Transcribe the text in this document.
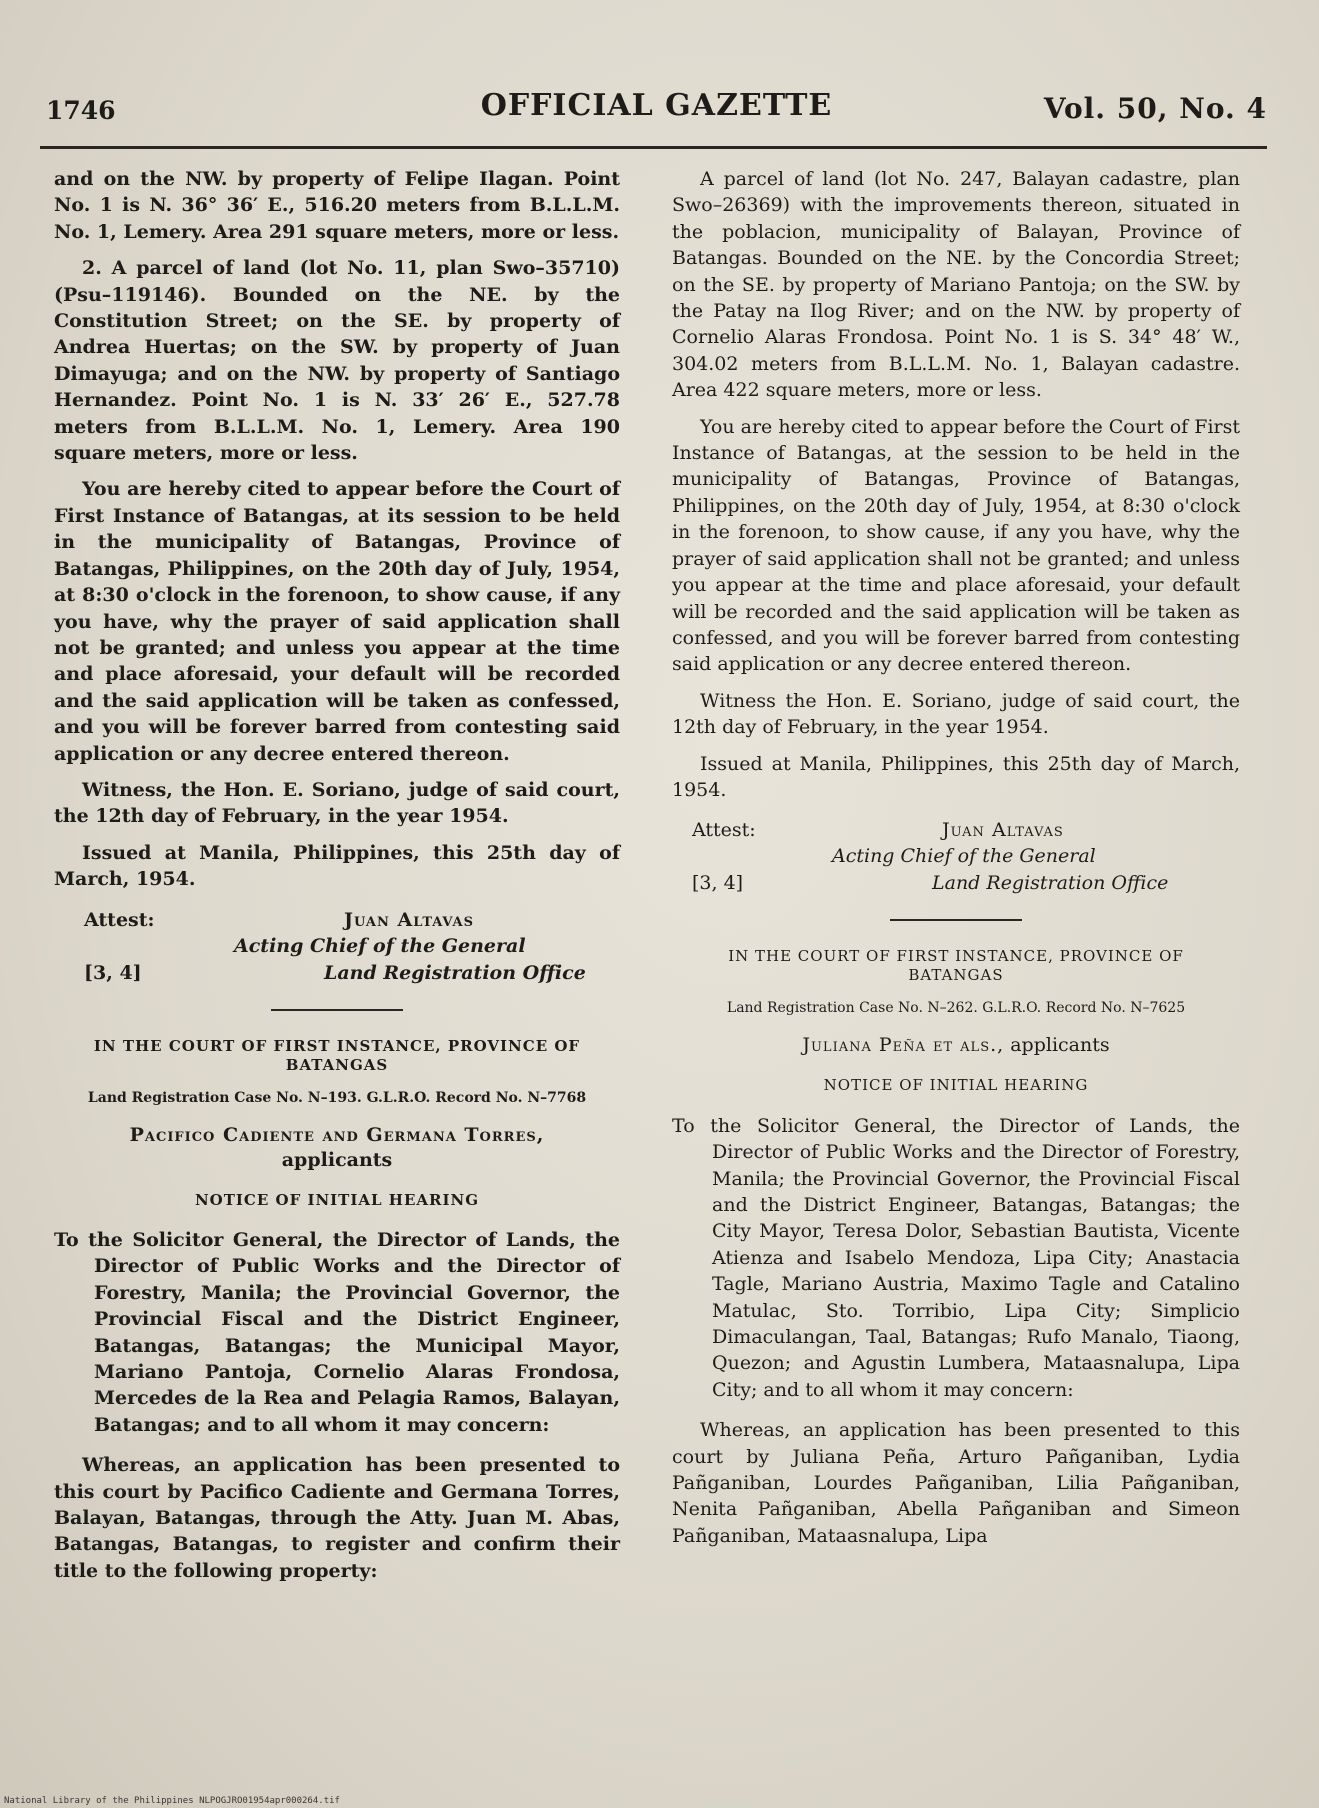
1746	OFFICIAL GAZETTE	Vol. 50, No. 4

and on the NW. by property of Felipe Ilagan. Point No. 1 is N. 36° 36′ E., 516.20 meters from B.L.L.M. No. 1, Lemery. Area 291 square meters, more or less.

2. A parcel of land (lot No. 11, plan Swo–35710) (Psu–119146). Bounded on the NE. by the Constitution Street; on the SE. by property of Andrea Huertas; on the SW. by property of Juan Dimayuga; and on the NW. by property of Santiago Hernandez. Point No. 1 is N. 33′ 26′ E., 527.78 meters from B.L.L.M. No. 1, Lemery. Area 190 square meters, more or less.

You are hereby cited to appear before the Court of First Instance of Batangas, at its session to be held in the municipality of Batangas, Province of Batangas, Philippines, on the 20th day of July, 1954, at 8:30 o'clock in the forenoon, to show cause, if any you have, why the prayer of said application shall not be granted; and unless you appear at the time and place aforesaid, your default will be recorded and the said application will be taken as confessed, and you will be forever barred from contesting said application or any decree entered thereon.

Witness, the Hon. E. Soriano, judge of said court, the 12th day of February, in the year 1954.

Issued at Manila, Philippines, this 25th day of March, 1954.

Attest:	Juan Altavas
Acting Chief of the General
[3, 4]	Land Registration Office
IN THE COURT OF FIRST INSTANCE, PROVINCE OF BATANGAS
Land Registration Case No. N–193. G.L.R.O. Record No. N–7768
Pacifico Cadiente and Germana Torres,
applicants
NOTICE OF INITIAL HEARING

To the Solicitor General, the Director of Lands, the Director of Public Works and the Director of Forestry, Manila; the Provincial Governor, the Provincial Fiscal and the District Engineer, Batangas, Batangas; the Municipal Mayor, Mariano Pantoja, Cornelio Alaras Frondosa, Mercedes de la Rea and Pelagia Ramos, Balayan, Batangas; and to all whom it may concern:

Whereas, an application has been presented to this court by Pacifico Cadiente and Germana Torres, Balayan, Batangas, through the Atty. Juan M. Abas, Batangas, Batangas, to register and confirm their title to the following property:

A parcel of land (lot No. 247, Balayan cadastre, plan Swo–26369) with the improvements thereon, situated in the poblacion, municipality of Balayan, Province of Batangas. Bounded on the NE. by the Concordia Street; on the SE. by property of Mariano Pantoja; on the SW. by the Patay na Ilog River; and on the NW. by property of Cornelio Alaras Frondosa. Point No. 1 is S. 34° 48′ W., 304.02 meters from B.L.L.M. No. 1, Balayan cadastre. Area 422 square meters, more or less.

You are hereby cited to appear before the Court of First Instance of Batangas, at the session to be held in the municipality of Batangas, Province of Batangas, Philippines, on the 20th day of July, 1954, at 8:30 o'clock in the forenoon, to show cause, if any you have, why the prayer of said application shall not be granted; and unless you appear at the time and place aforesaid, your default will be recorded and the said application will be taken as confessed, and you will be forever barred from contesting said application or any decree entered thereon.

Witness the Hon. E. Soriano, judge of said court, the 12th day of February, in the year 1954.

Issued at Manila, Philippines, this 25th day of March, 1954.

Attest:	Juan Altavas
Acting Chief of the General
[3, 4]	Land Registration Office
IN THE COURT OF FIRST INSTANCE, PROVINCE OF BATANGAS
Land Registration Case No. N–262. G.L.R.O. Record No. N–7625
Juliana Peña et als., applicants
NOTICE OF INITIAL HEARING

To the Solicitor General, the Director of Lands, the Director of Public Works and the Director of Forestry, Manila; the Provincial Governor, the Provincial Fiscal and the District Engineer, Batangas, Batangas; the City Mayor, Teresa Dolor, Sebastian Bautista, Vicente Atienza and Isabelo Mendoza, Lipa City; Anastacia Tagle, Mariano Austria, Maximo Tagle and Catalino Matulac, Sto. Torribio, Lipa City; Simplicio Dimaculangan, Taal, Batangas; Rufo Manalo, Tiaong, Quezon; and Agustin Lumbera, Mataasnalupa, Lipa City; and to all whom it may concern:

Whereas, an application has been presented to this court by Juliana Peña, Arturo Pañganiban, Lydia Pañganiban, Lourdes Pañganiban, Lilia Pañganiban, Nenita Pañganiban, Abella Pañganiban and Simeon Pañganiban, Mataasnalupa, Lipa

National Library of the Philippines NLPOGJRO01954apr000264.tif
